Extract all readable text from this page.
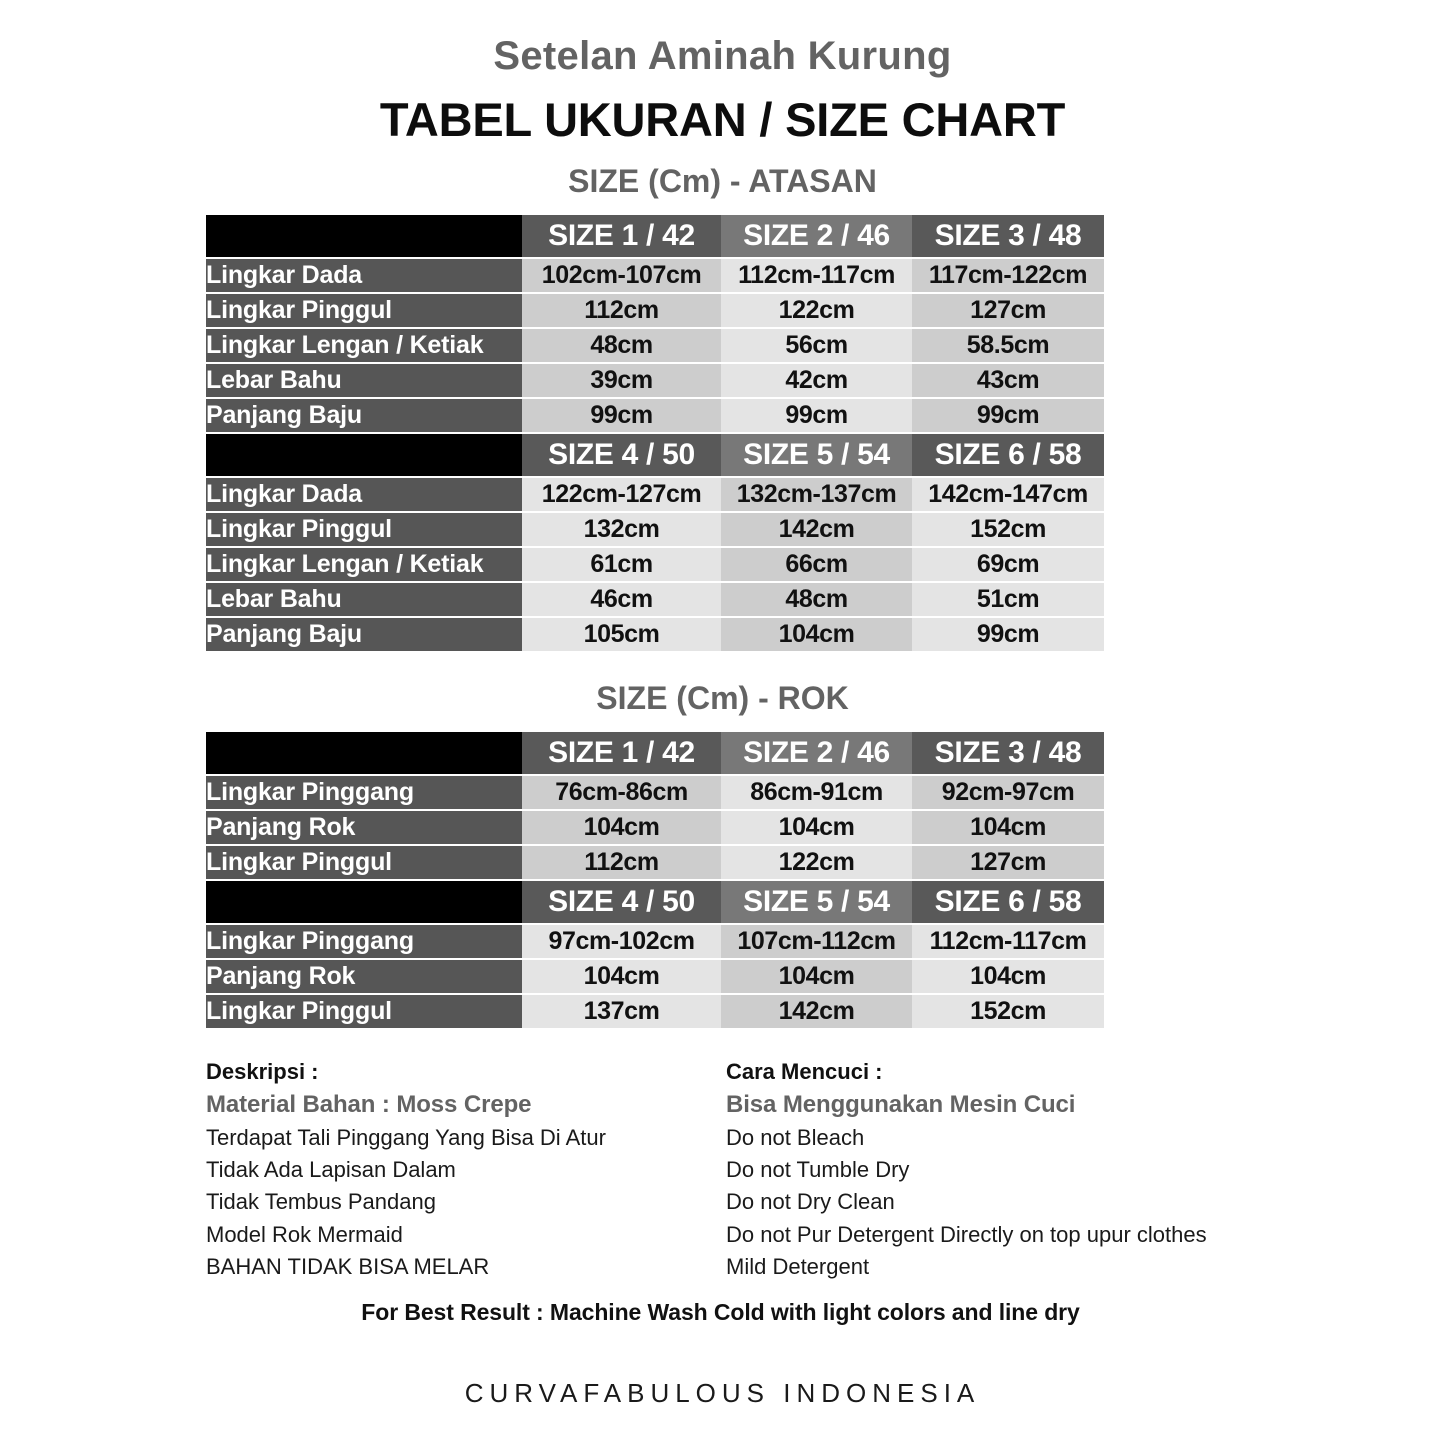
Setelan Aminah Kurung
TABEL UKURAN / SIZE CHART
SIZE (Cm) - ATASAN
	SIZE 1 / 42	SIZE 2 / 46	SIZE 3 / 48
Lingkar Dada	102cm-107cm	112cm-117cm	117cm-122cm
Lingkar Pinggul	112cm	122cm	127cm
Lingkar Lengan / Ketiak	48cm	56cm	58.5cm
Lebar Bahu	39cm	42cm	43cm
Panjang Baju	99cm	99cm	99cm
	SIZE 4 / 50	SIZE 5 / 54	SIZE 6 / 58
Lingkar Dada	122cm-127cm	132cm-137cm	142cm-147cm
Lingkar Pinggul	132cm	142cm	152cm
Lingkar Lengan / Ketiak	61cm	66cm	69cm
Lebar Bahu	46cm	48cm	51cm
Panjang Baju	105cm	104cm	99cm
SIZE (Cm) - ROK
	SIZE 1 / 42	SIZE 2 / 46	SIZE 3 / 48
Lingkar Pinggang	76cm-86cm	86cm-91cm	92cm-97cm
Panjang Rok	104cm	104cm	104cm
Lingkar Pinggul	112cm	122cm	127cm
	SIZE 4 / 50	SIZE 5 / 54	SIZE 6 / 58
Lingkar Pinggang	97cm-102cm	107cm-112cm	112cm-117cm
Panjang Rok	104cm	104cm	104cm
Lingkar Pinggul	137cm	142cm	152cm
Deskripsi :
Material Bahan : Moss Crepe
Terdapat Tali Pinggang Yang Bisa Di Atur
Tidak Ada Lapisan Dalam
Tidak Tembus Pandang
Model Rok Mermaid
BAHAN TIDAK BISA MELAR
Cara Mencuci :
Bisa Menggunakan Mesin Cuci
Do not Bleach
Do not Tumble Dry
Do not Dry Clean
Do not Pur Detergent Directly on top upur clothes
Mild Detergent
For Best Result : Machine Wash Cold with light colors and line dry
CURVAFABULOUS INDONESIA
